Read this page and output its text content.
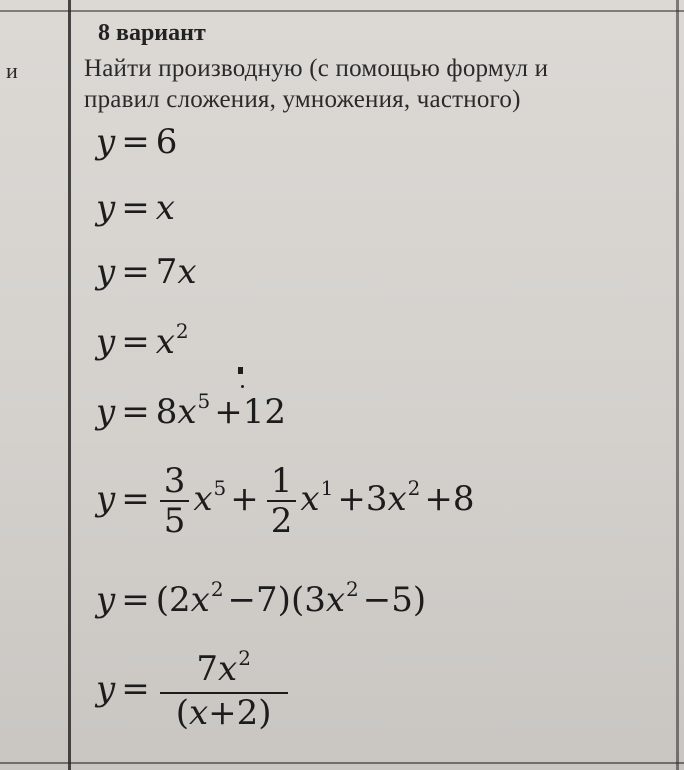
и
8 вариант
Найти производную (с помощью формул и
правил сложения, умножения, частного)
y = 6
y = x
y = 7x
$y = x^2$
$y = 8x^5 +12$
$y = \frac{3}{5} x^5 + \frac{1}{2} x^1 +3x^2 +8$
$y = (2x^2 -7)(3x^2 -5)$
$y = \frac{7x^2}{(x+2)}$
